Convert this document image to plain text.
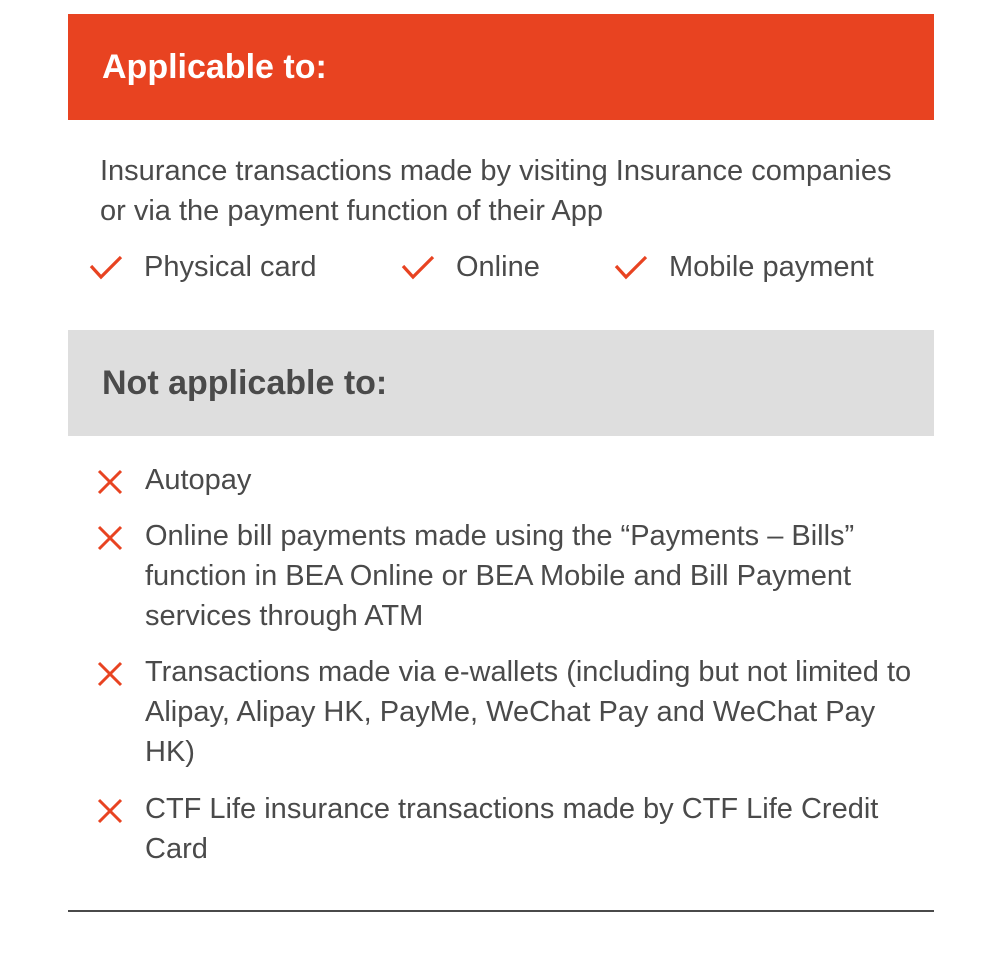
Applicable to:

Insurance transactions made by visiting Insurance companies or via the payment function of their App

Physical card	Online	Mobile payment
Not applicable to:
Autopay
Online bill payments made using the “Payments – Bills” function in BEA Online or BEA Mobile and Bill Payment services through ATM
Transactions made via e-wallets (including but not limited to Alipay, Alipay HK, PayMe, WeChat Pay and WeChat Pay HK)
CTF Life insurance transactions made by CTF Life Credit Card
